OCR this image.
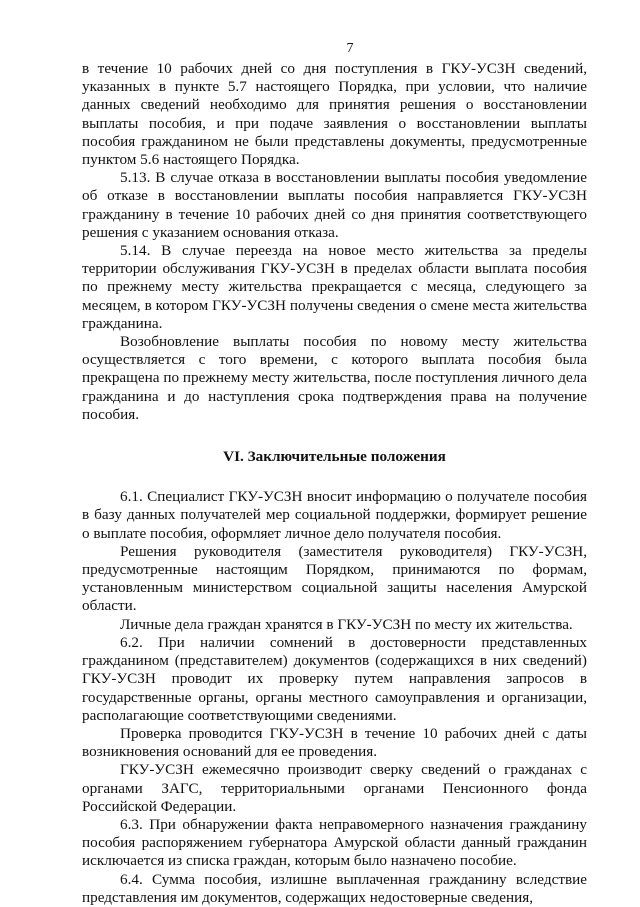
7

в течение 10 рабочих дней со дня поступления в ГКУ-УСЗН сведений, указанных в пункте 5.7 настоящего Порядка, при условии, что наличие данных сведений необходимо для принятия решения о восстановлении выплаты пособия, и при подаче заявления о восстановлении выплаты пособия гражданином не были представлены документы, предусмотренные пунктом 5.6 настоящего Порядка.

5.13. В случае отказа в восстановлении выплаты пособия уведомление об отказе в восстановлении выплаты пособия направляется ГКУ-УСЗН гражданину в течение 10 рабочих дней со дня принятия соответствующего решения с указанием основания отказа.

5.14. В случае переезда на новое место жительства за пределы территории обслуживания ГКУ-УСЗН в пределах области выплата пособия по прежнему месту жительства прекращается с месяца, следующего за месяцем, в котором ГКУ-УСЗН получены сведения о смене места жительства гражданина.

Возобновление выплаты пособия по новому месту жительства осуществляется с того времени, с которого выплата пособия была прекращена по прежнему месту жительства, после поступления личного дела гражданина и до наступления срока подтверждения права на получение пособия.

VI. Заключительные положения

6.1. Специалист ГКУ-УСЗН вносит информацию о получателе пособия в базу данных получателей мер социальной поддержки, формирует решение о выплате пособия, оформляет личное дело получателя пособия.

Решения руководителя (заместителя руководителя) ГКУ-УСЗН, предусмотренные настоящим Порядком, принимаются по формам, установленным министерством социальной защиты населения Амурской области.

Личные дела граждан хранятся в ГКУ-УСЗН по месту их жительства.

6.2. При наличии сомнений в достоверности представленных гражданином (представителем) документов (содержащихся в них сведений) ГКУ-УСЗН проводит их проверку путем направления запросов в государственные органы, органы местного самоуправления и организации, располагающие соответствующими сведениями.

Проверка проводится ГКУ-УСЗН в течение 10 рабочих дней с даты возникновения оснований для ее проведения.

ГКУ-УСЗН ежемесячно производит сверку сведений о гражданах с органами ЗАГС, территориальными органами Пенсионного фонда Российской Федерации.

6.3. При обнаружении факта неправомерного назначения гражданину пособия распоряжением губернатора Амурской области данный гражданин исключается из списка граждан, которым было назначено пособие.

6.4. Сумма пособия, излишне выплаченная гражданину вследствие представления им документов, содержащих недостоверные сведения,
